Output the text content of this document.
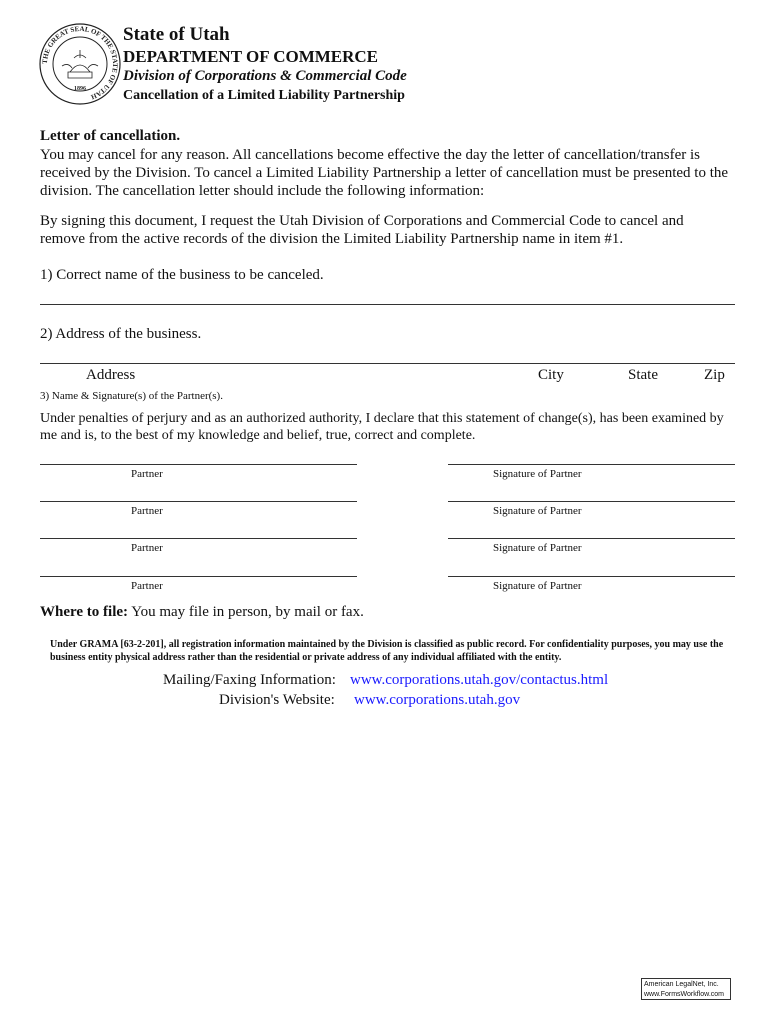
THE GREAT SEAL OF THE STATE OF UTAH
1896
State of Utah
DEPARTMENT OF COMMERCE
Division of Corporations & Commercial Code
Cancellation of a Limited Liability Partnership
Letter of cancellation.
You may cancel for any reason. All cancellations become effective the day the letter of cancellation/transfer is received by the Division. To cancel a Limited Liability Partnership a letter of cancellation must be presented to the division. The cancellation letter should include the following information:
By signing this document, I request the Utah Division of Corporations and Commercial Code to cancel and remove from the active records of the division the Limited Liability Partnership name in item #1.
1) Correct name of the business to be canceled.
2) Address of the business.
Address	City	State	Zip
3) Name & Signature(s) of the Partner(s).
Under penalties of perjury and as an authorized authority, I declare that this statement of change(s), has been examined by me and is, to the best of my knowledge and belief, true, correct and complete.
Partner	Signature of Partner
Partner	Signature of Partner
Partner	Signature of Partner
Partner	Signature of Partner
Where to file: You may file in person, by mail or fax.
Under GRAMA [63-2-201], all registration information maintained by the Division is classified as public record. For confidentiality purposes, you may use the business entity physical address rather than the residential or private address of any individual affiliated with the entity.
Mailing/Faxing Information: www.corporations.utah.gov/contactus.html
Division's Website: www.corporations.utah.gov
American LegalNet, Inc.
www.FormsWorkflow.com
